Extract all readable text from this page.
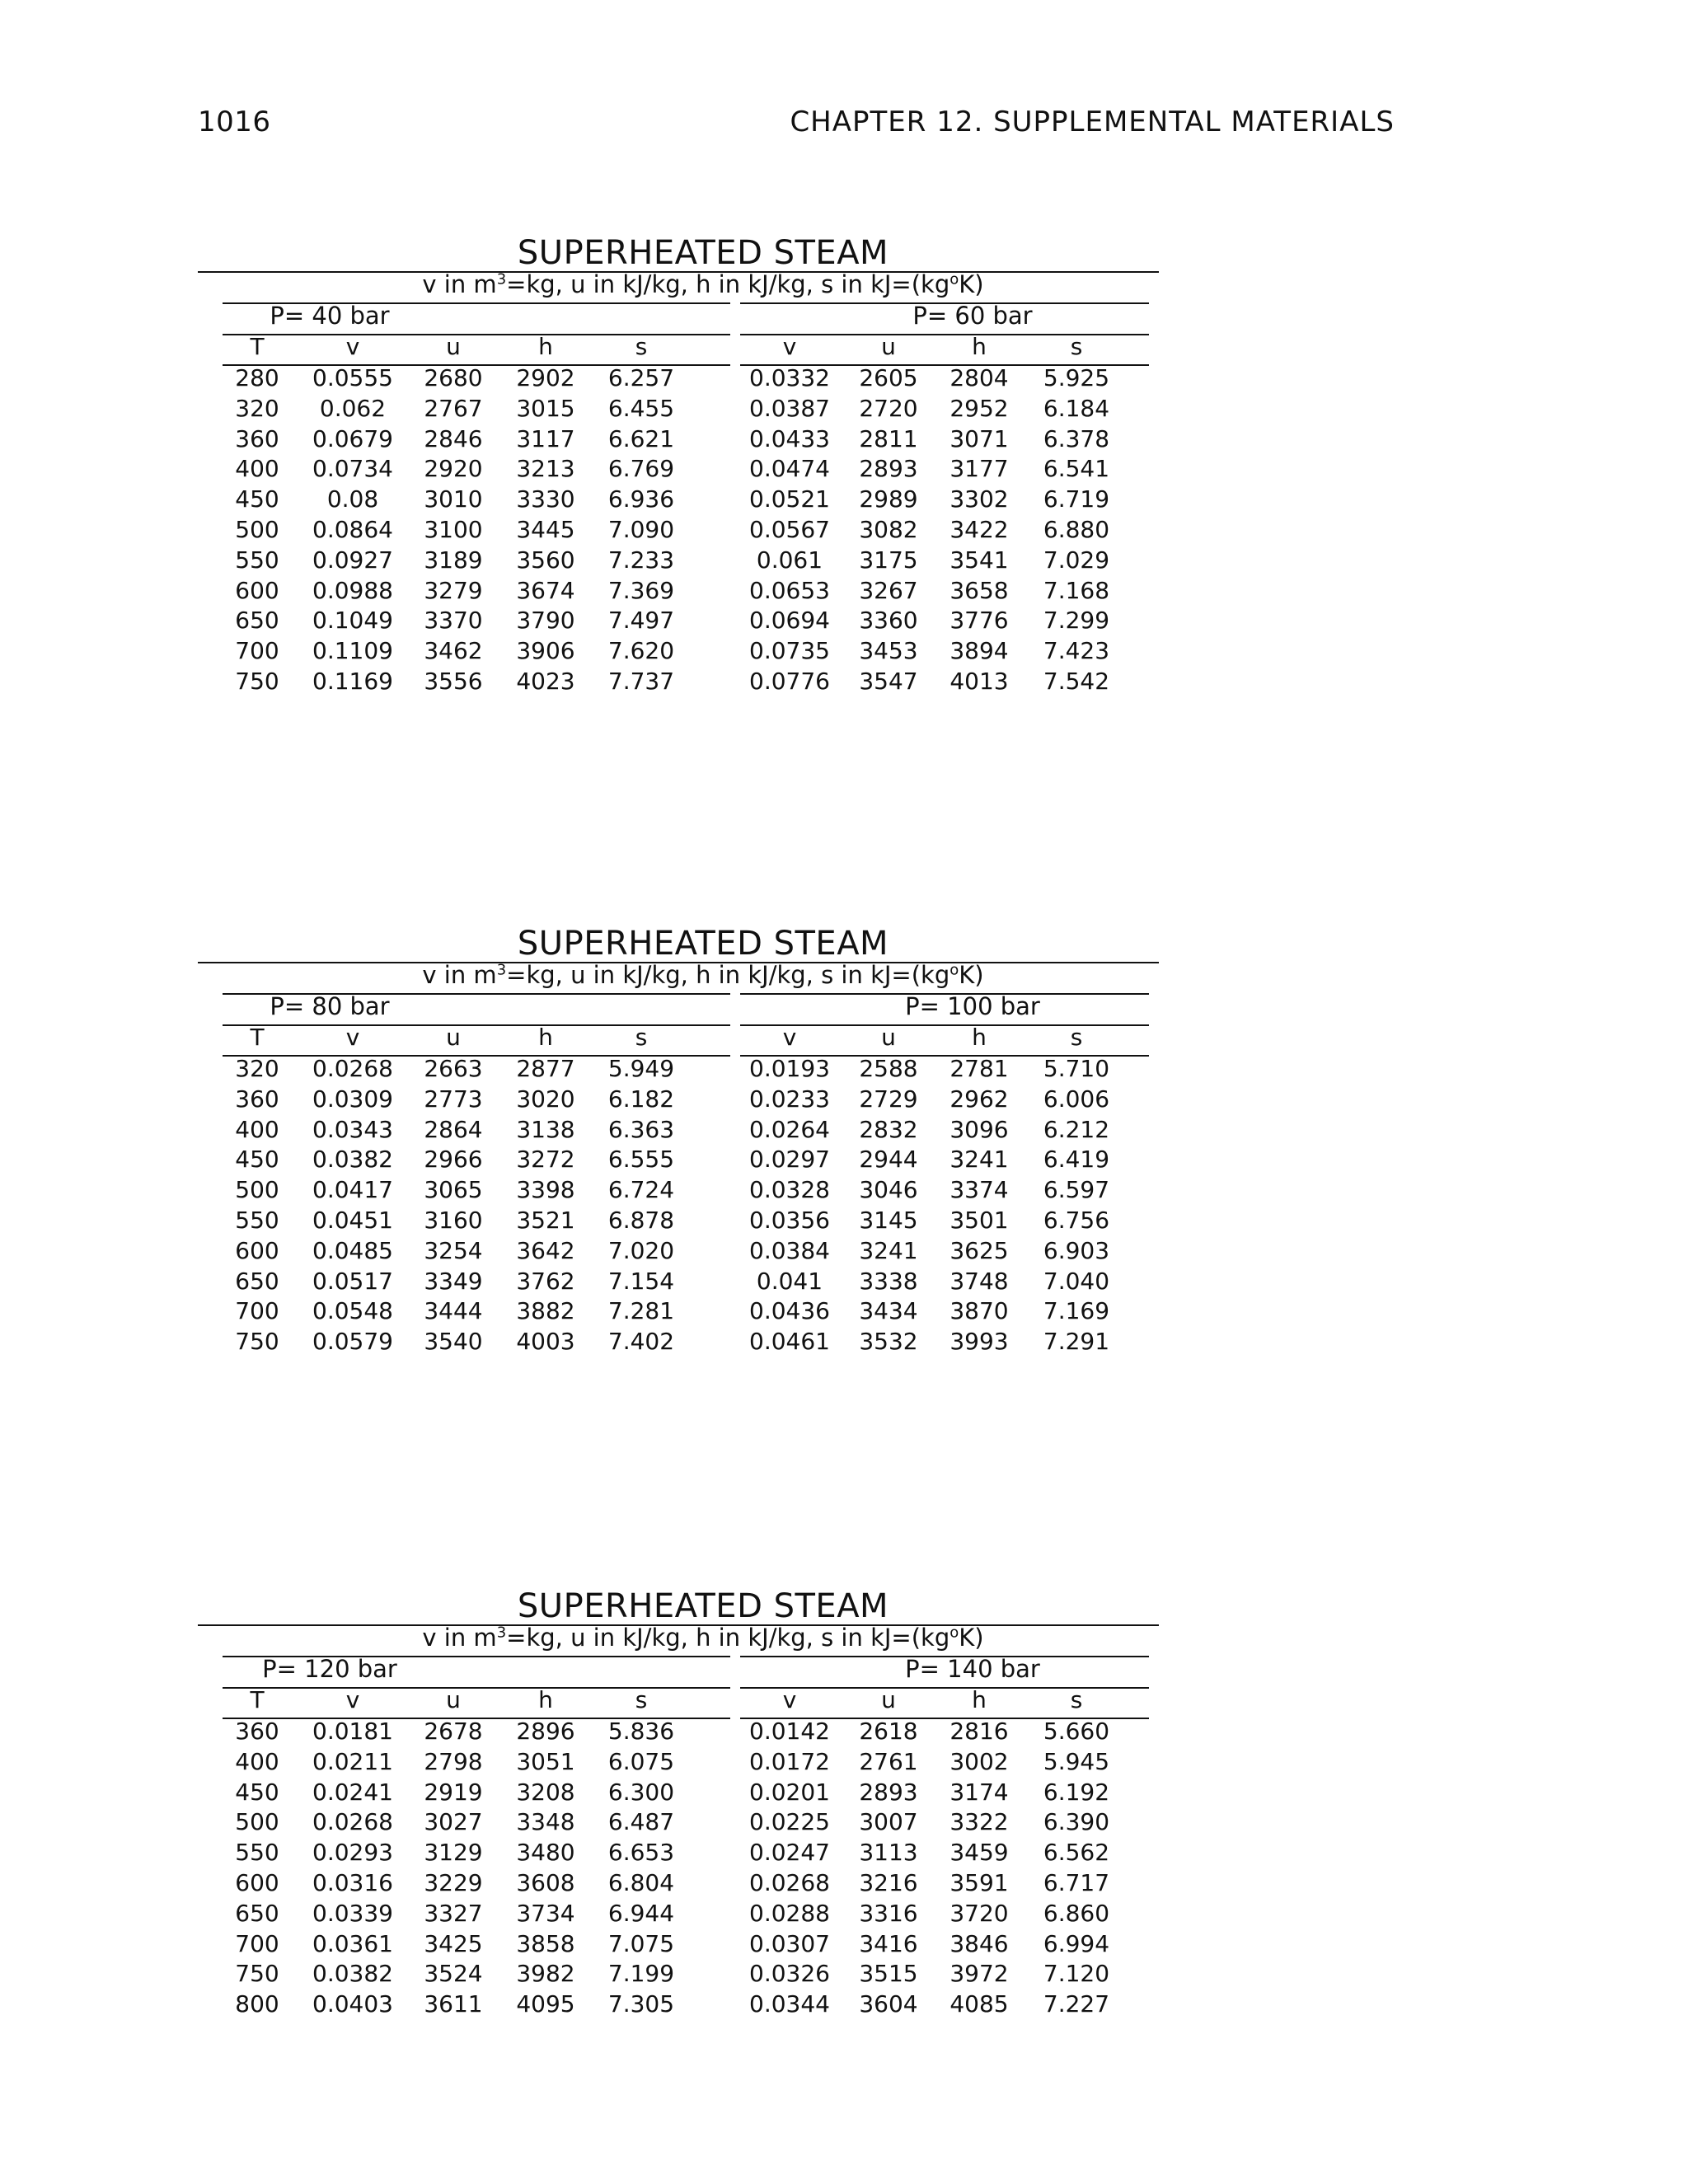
1016	CHAPTER 12. SUPPLEMENTAL MATERIALS
SUPERHEATED STEAM
v in $m^3=kg$, u in kJ/kg, h in kJ/kg, s in $kJ=(kg^oK)$
P= 40 bar	P= 60 bar
T	v	u	h	s	v	u	h	s
280	0.0555	2680	2902	6.257	0.0332	2605	2804	5.925
320	0.062	2767	3015	6.455	0.0387	2720	2952	6.184
360	0.0679	2846	3117	6.621	0.0433	2811	3071	6.378
400	0.0734	2920	3213	6.769	0.0474	2893	3177	6.541
450	0.08	3010	3330	6.936	0.0521	2989	3302	6.719
500	0.0864	3100	3445	7.090	0.0567	3082	3422	6.880
550	0.0927	3189	3560	7.233	0.061	3175	3541	7.029
600	0.0988	3279	3674	7.369	0.0653	3267	3658	7.168
650	0.1049	3370	3790	7.497	0.0694	3360	3776	7.299
700	0.1109	3462	3906	7.620	0.0735	3453	3894	7.423
750	0.1169	3556	4023	7.737	0.0776	3547	4013	7.542
SUPERHEATED STEAM
v in $m^3=kg$, u in kJ/kg, h in kJ/kg, s in $kJ=(kg^oK)$
P= 80 bar	P= 100 bar
T	v	u	h	s	v	u	h	s
320	0.0268	2663	2877	5.949	0.0193	2588	2781	5.710
360	0.0309	2773	3020	6.182	0.0233	2729	2962	6.006
400	0.0343	2864	3138	6.363	0.0264	2832	3096	6.212
450	0.0382	2966	3272	6.555	0.0297	2944	3241	6.419
500	0.0417	3065	3398	6.724	0.0328	3046	3374	6.597
550	0.0451	3160	3521	6.878	0.0356	3145	3501	6.756
600	0.0485	3254	3642	7.020	0.0384	3241	3625	6.903
650	0.0517	3349	3762	7.154	0.041	3338	3748	7.040
700	0.0548	3444	3882	7.281	0.0436	3434	3870	7.169
750	0.0579	3540	4003	7.402	0.0461	3532	3993	7.291
SUPERHEATED STEAM
v in $m^3=kg$, u in kJ/kg, h in kJ/kg, s in $kJ=(kg^oK)$
P= 120 bar	P= 140 bar
T	v	u	h	s	v	u	h	s
360	0.0181	2678	2896	5.836	0.0142	2618	2816	5.660
400	0.0211	2798	3051	6.075	0.0172	2761	3002	5.945
450	0.0241	2919	3208	6.300	0.0201	2893	3174	6.192
500	0.0268	3027	3348	6.487	0.0225	3007	3322	6.390
550	0.0293	3129	3480	6.653	0.0247	3113	3459	6.562
600	0.0316	3229	3608	6.804	0.0268	3216	3591	6.717
650	0.0339	3327	3734	6.944	0.0288	3316	3720	6.860
700	0.0361	3425	3858	7.075	0.0307	3416	3846	6.994
750	0.0382	3524	3982	7.199	0.0326	3515	3972	7.120
800	0.0403	3611	4095	7.305	0.0344	3604	4085	7.227
